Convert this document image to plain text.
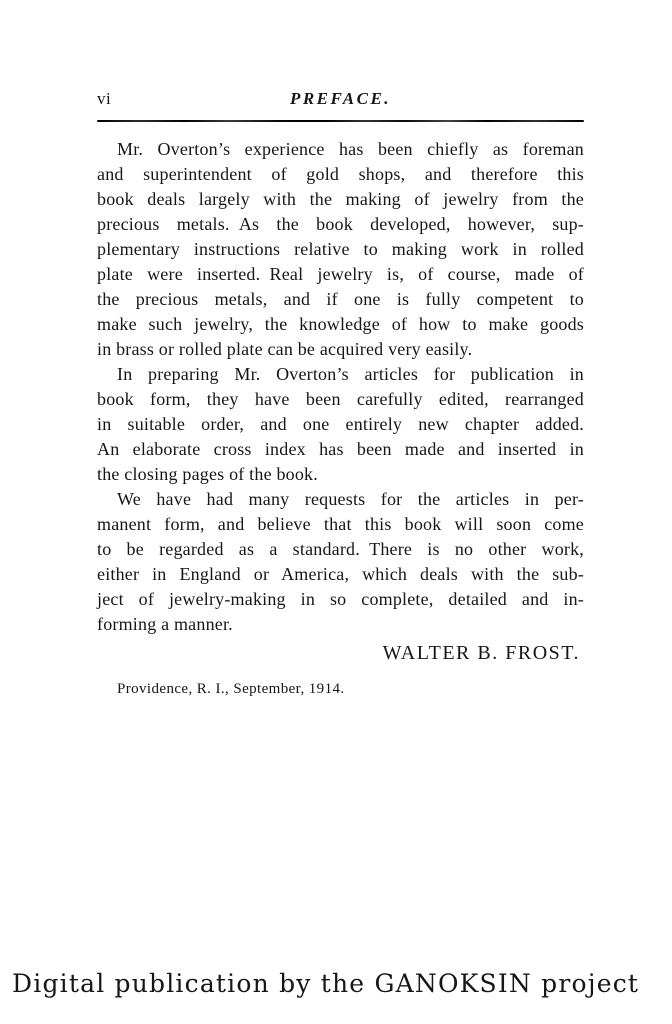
vi	PREFACE.
Mr. Overton’s experience has been chiefly as foreman
and superintendent of gold shops, and therefore this
book deals largely with the making of jewelry from the
precious metals. As the book developed, however, sup-
plementary instructions relative to making work in rolled
plate were inserted. Real jewelry is, of course, made of
the precious metals, and if one is fully competent to
make such jewelry, the knowledge of how to make goods
in brass or rolled plate can be acquired very easily.
In preparing Mr. Overton’s articles for publication in
book form, they have been carefully edited, rearranged
in suitable order, and one entirely new chapter added.
An elaborate cross index has been made and inserted in
the closing pages of the book.
We have had many requests for the articles in per-
manent form, and believe that this book will soon come
to be regarded as a standard. There is no other work,
either in England or America, which deals with the sub-
ject of jewelry-making in so complete, detailed and in-
forming a manner.
WALTER B. FROST.
Providence, R. I., September, 1914.
Digital publication by the GANOKSIN project
